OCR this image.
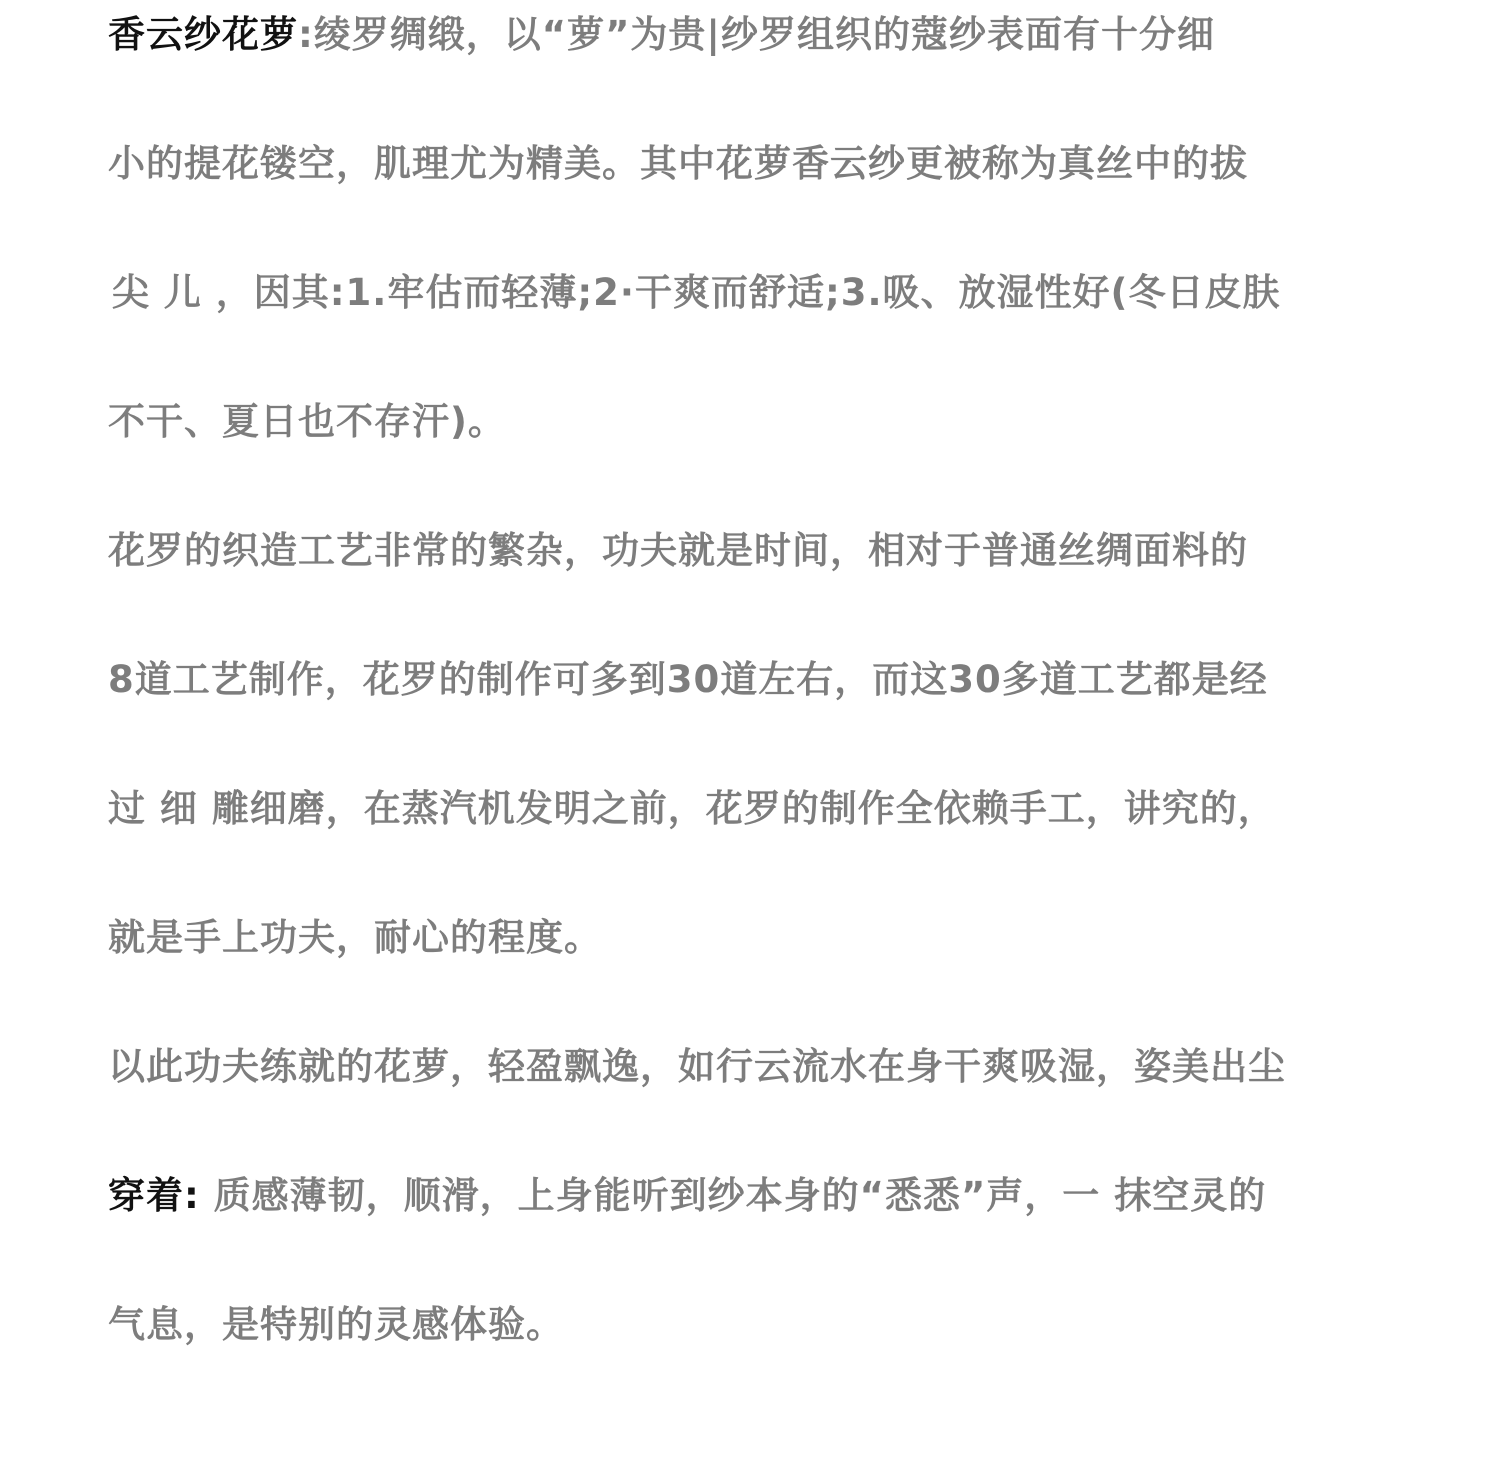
香云纱花萝:绫罗绸缎，以“萝”为贵|纱罗组织的蔻纱表面有十分细
小的提花镂空，肌理尤为精美。其中花萝香云纱更被称为真丝中的拔
尖 儿 ，因其:1.牢估而轻薄;2·干爽而舒适;3.吸、放湿性好(冬日皮肤
不干、夏日也不存汗)。
花罗的织造工艺非常的繁杂，功夫就是时间，相对于普通丝绸面料的
8道工艺制作，花罗的制作可多到30道左右，而这30多道工艺都是经
过 细 雕细磨，在蒸汽机发明之前，花罗的制作全依赖手工，讲究的，
就是手上功夫，耐心的程度。
以此功夫练就的花萝，轻盈飘逸，如行云流水在身干爽吸湿，姿美出尘
穿着: 质感薄韧，顺滑，上身能听到纱本身的“悉悉”声，一 抹空灵的
气息，是特别的灵感体验。
